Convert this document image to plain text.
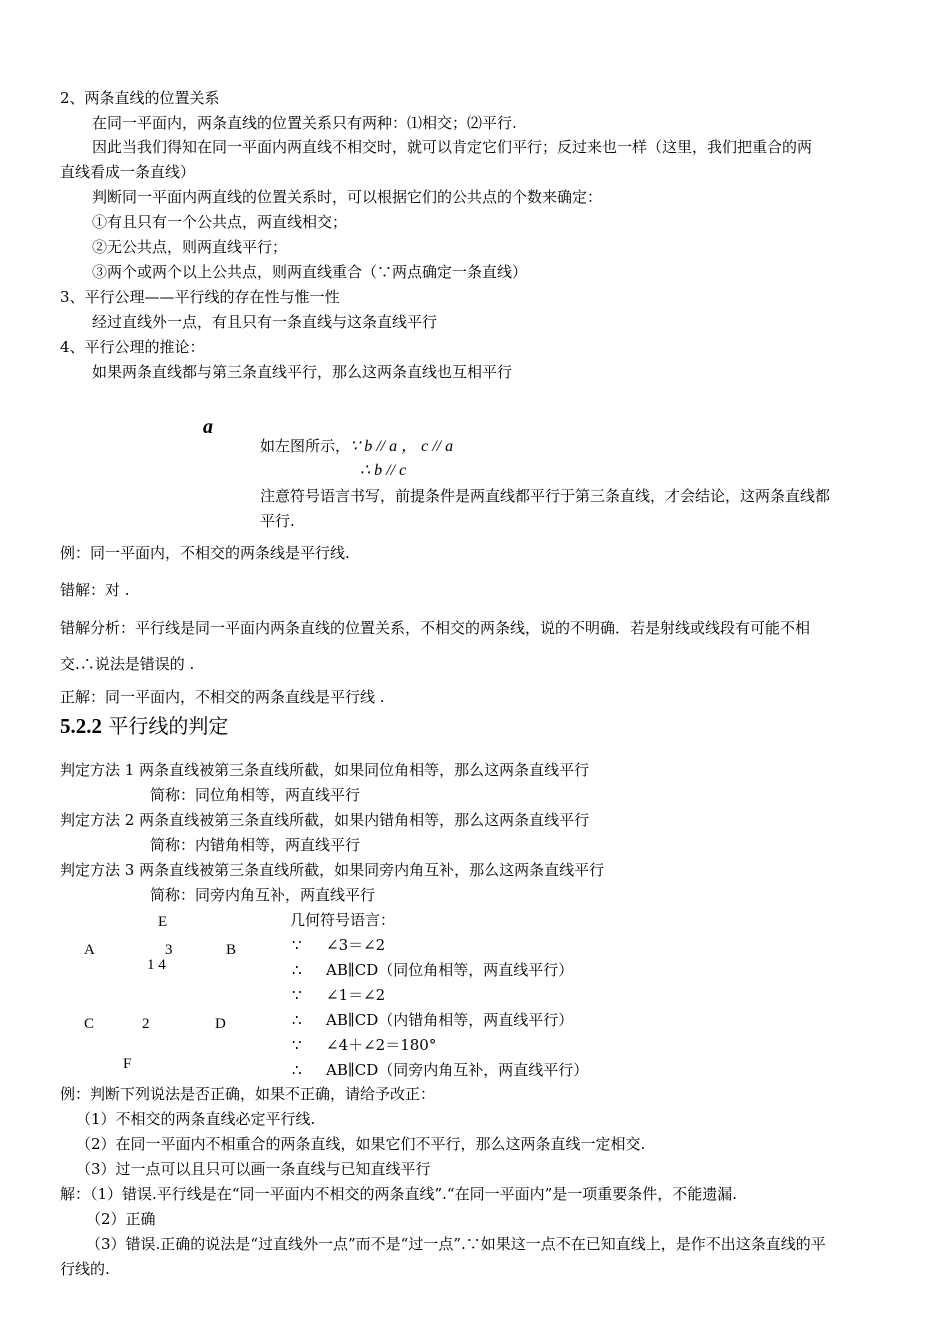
2、两条直线的位置关系
在同一平面内，两条直线的位置关系只有两种：⑴相交；⑵平行.
因此当我们得知在同一平面内两直线不相交时，就可以肯定它们平行；反过来也一样（这里，我们把重合的两
直线看成一条直线）
判断同一平面内两直线的位置关系时，可以根据它们的公共点的个数来确定：
①有且只有一个公共点，两直线相交；
②无公共点，则两直线平行；
③两个或两个以上公共点，则两直线重合（∵两点确定一条直线）
3、平行公理——平行线的存在性与惟一性
经过直线外一点，有且只有一条直线与这条直线平行
4、平行公理的推论：
如果两条直线都与第三条直线平行，那么这两条直线也互相平行
a
如左图所示，∵ b // a ， c // a
∴ b // c
注意符号语言书写，前提条件是两直线都平行于第三条直线，才会结论，这两条直线都
平行.
例：同一平面内，不相交的两条线是平行线.
错解：对 .
错解分析：平行线是同一平面内两条直线的位置关系，不相交的两条线，说的不明确．若是射线或线段有可能不相
交.∴说法是错误的 .
正解：同一平面内，不相交的两条直线是平行线 .
5.2.2 平行线的判定
判定方法 1 两条直线被第三条直线所截，如果同位角相等，那么这两条直线平行
简称：同位角相等，两直线平行
判定方法 2 两条直线被第三条直线所截，如果内错角相等，那么这两条直线平行
简称：内错角相等，两直线平行
判定方法 3 两条直线被第三条直线所截，如果同旁内角互补，那么这两条直线平行
简称：同旁内角互补，两直线平行
E
A	3	B
1 4
C	2	D
F
几何符号语言：
∵ ∠3＝∠2
∴ AB∥CD（同位角相等，两直线平行）
∵ ∠1＝∠2
∴ AB∥CD（内错角相等，两直线平行）
∵ ∠4＋∠2＝180°
∴ AB∥CD（同旁内角互补，两直线平行）
例：判断下列说法是否正确，如果不正确，请给予改正：
（1）不相交的两条直线必定平行线.
（2）在同一平面内不相重合的两条直线，如果它们不平行，那么这两条直线一定相交.
（3）过一点可以且只可以画一条直线与已知直线平行
解：（1）错误.平行线是在“同一平面内不相交的两条直线”.“在同一平面内”是一项重要条件，不能遗漏.
（2）正确
（3）错误.正确的说法是“过直线外一点”而不是“过一点”.∵如果这一点不在已知直线上，是作不出这条直线的平
行线的.
